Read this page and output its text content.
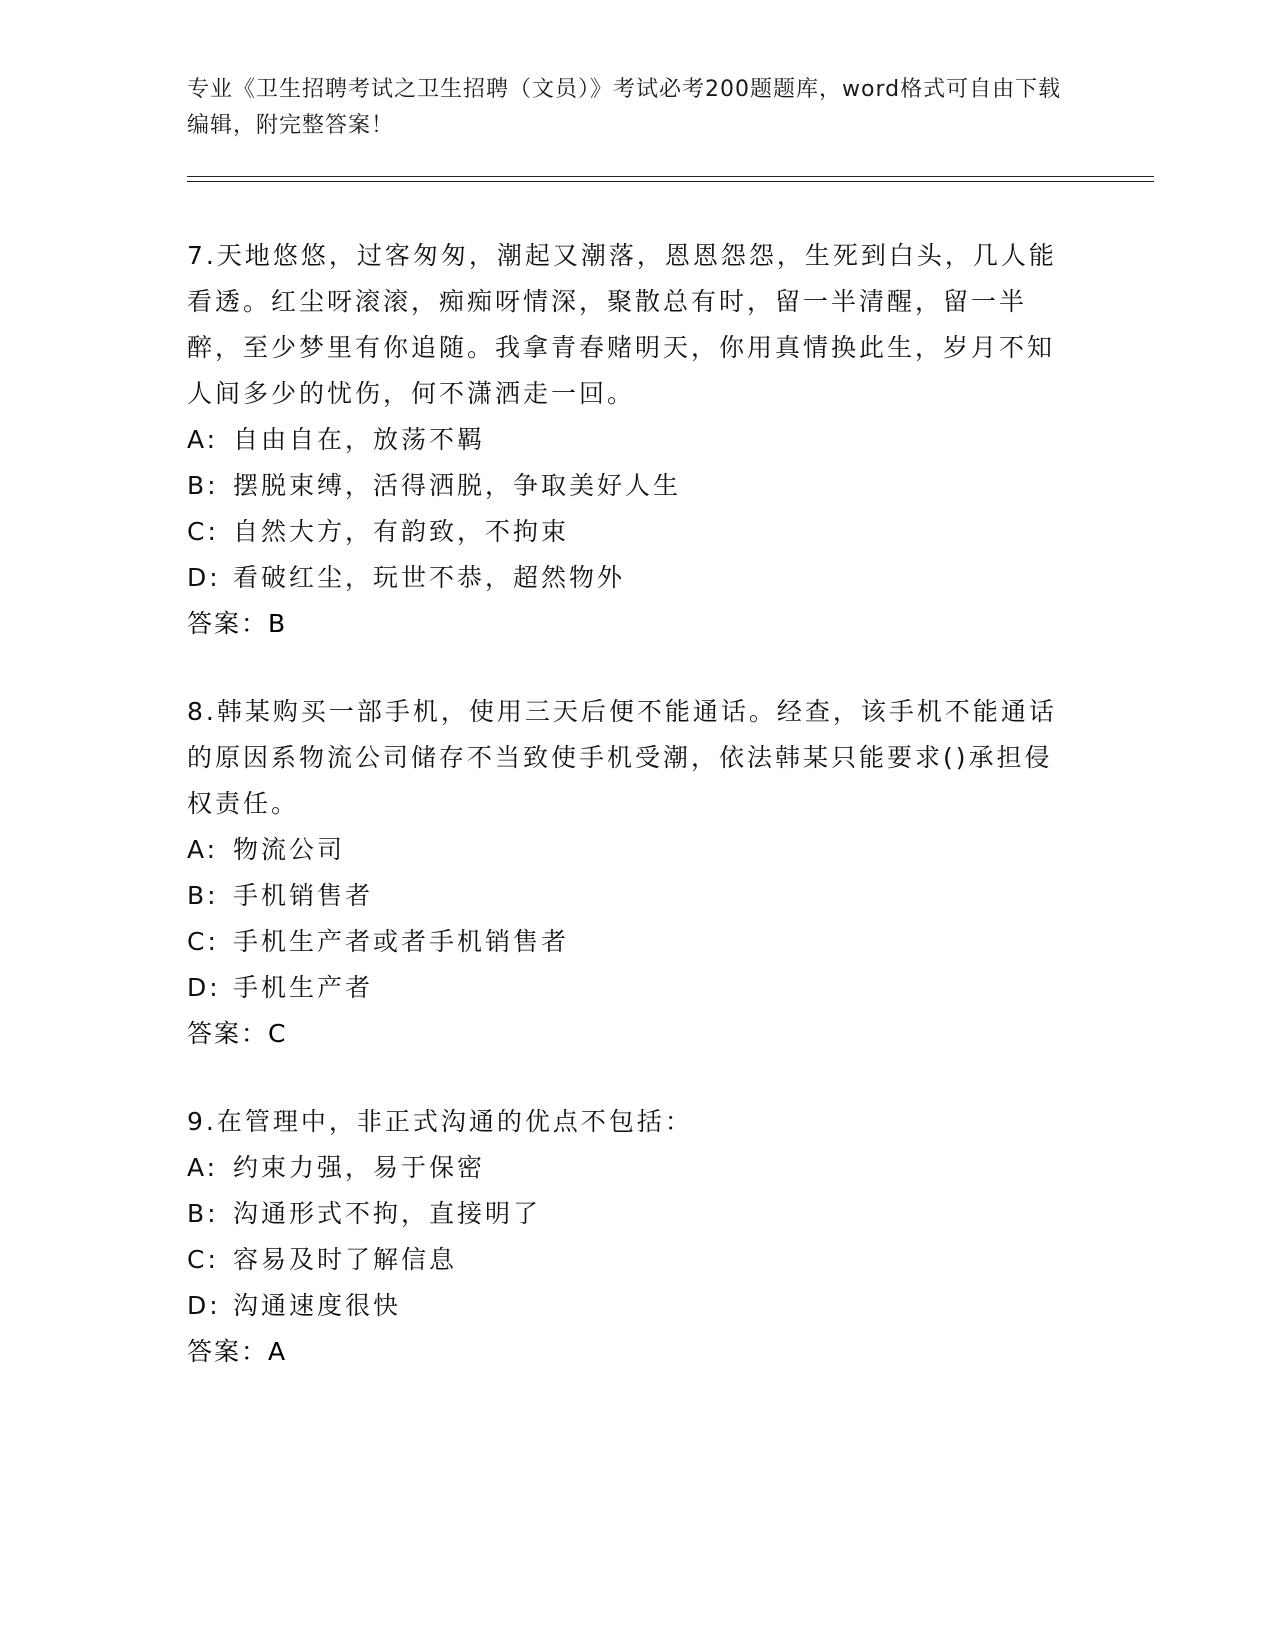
专业《卫生招聘考试之卫生招聘（文员）》考试必考200题题库，word格式可自由下载编辑，附完整答案！

7.天地悠悠，过客匆匆，潮起又潮落，恩恩怨怨，生死到白头，几人能看透。红尘呀滚滚，痴痴呀情深，聚散总有时，留一半清醒，留一半醉，至少梦里有你追随。我拿青春赌明天，你用真情换此生，岁月不知人间多少的忧伤，何不潇洒走一回。

A: 自由自在，放荡不羁

B: 摆脱束缚，活得洒脱，争取美好人生

C: 自然大方，有韵致，不拘束

D: 看破红尘，玩世不恭，超然物外

答案：B

8.韩某购买一部手机，使用三天后便不能通话。经查，该手机不能通话的原因系物流公司储存不当致使手机受潮，依法韩某只能要求()承担侵权责任。

A: 物流公司

B: 手机销售者

C: 手机生产者或者手机销售者

D: 手机生产者

答案：C

9.在管理中，非正式沟通的优点不包括：

A: 约束力强，易于保密

B: 沟通形式不拘，直接明了

C: 容易及时了解信息

D: 沟通速度很快

答案：A
